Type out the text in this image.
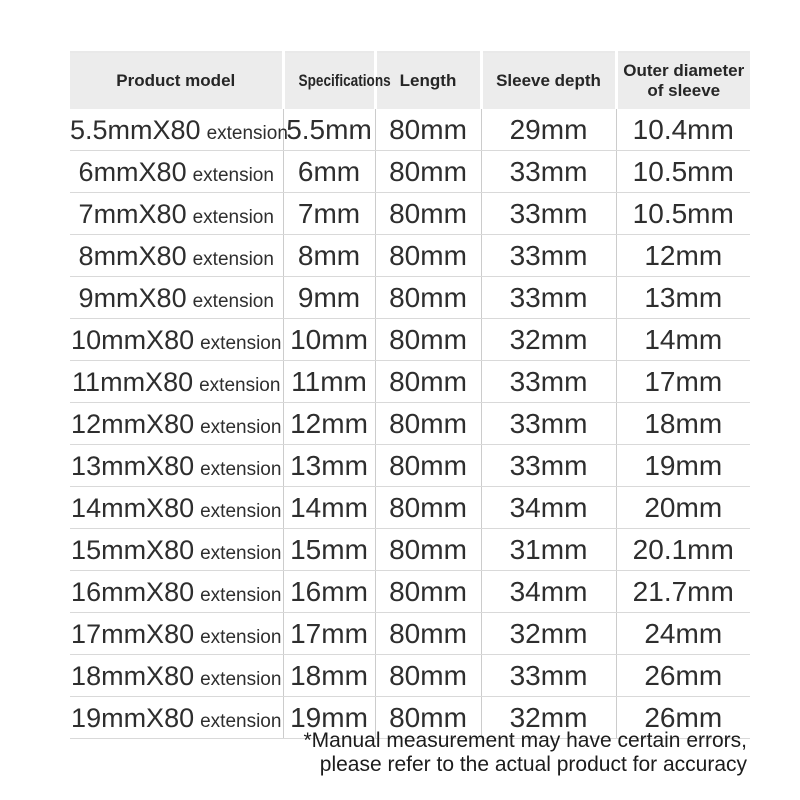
Product model	Specifications	Length	Sleeve depth	Outer diameter of sleeve
5.5mmX80 extension	5.5mm	80mm	29mm	10.4mm
6mmX80 extension	6mm	80mm	33mm	10.5mm
7mmX80 extension	7mm	80mm	33mm	10.5mm
8mmX80 extension	8mm	80mm	33mm	12mm
9mmX80 extension	9mm	80mm	33mm	13mm
10mmX80 extension	10mm	80mm	32mm	14mm
11mmX80 extension	11mm	80mm	33mm	17mm
12mmX80 extension	12mm	80mm	33mm	18mm
13mmX80 extension	13mm	80mm	33mm	19mm
14mmX80 extension	14mm	80mm	34mm	20mm
15mmX80 extension	15mm	80mm	31mm	20.1mm
16mmX80 extension	16mm	80mm	34mm	21.7mm
17mmX80 extension	17mm	80mm	32mm	24mm
18mmX80 extension	18mm	80mm	33mm	26mm
19mmX80 extension	19mm	80mm	32mm	26mm
*Manual measurement may have certain errors,
please refer to the actual product for accuracy
